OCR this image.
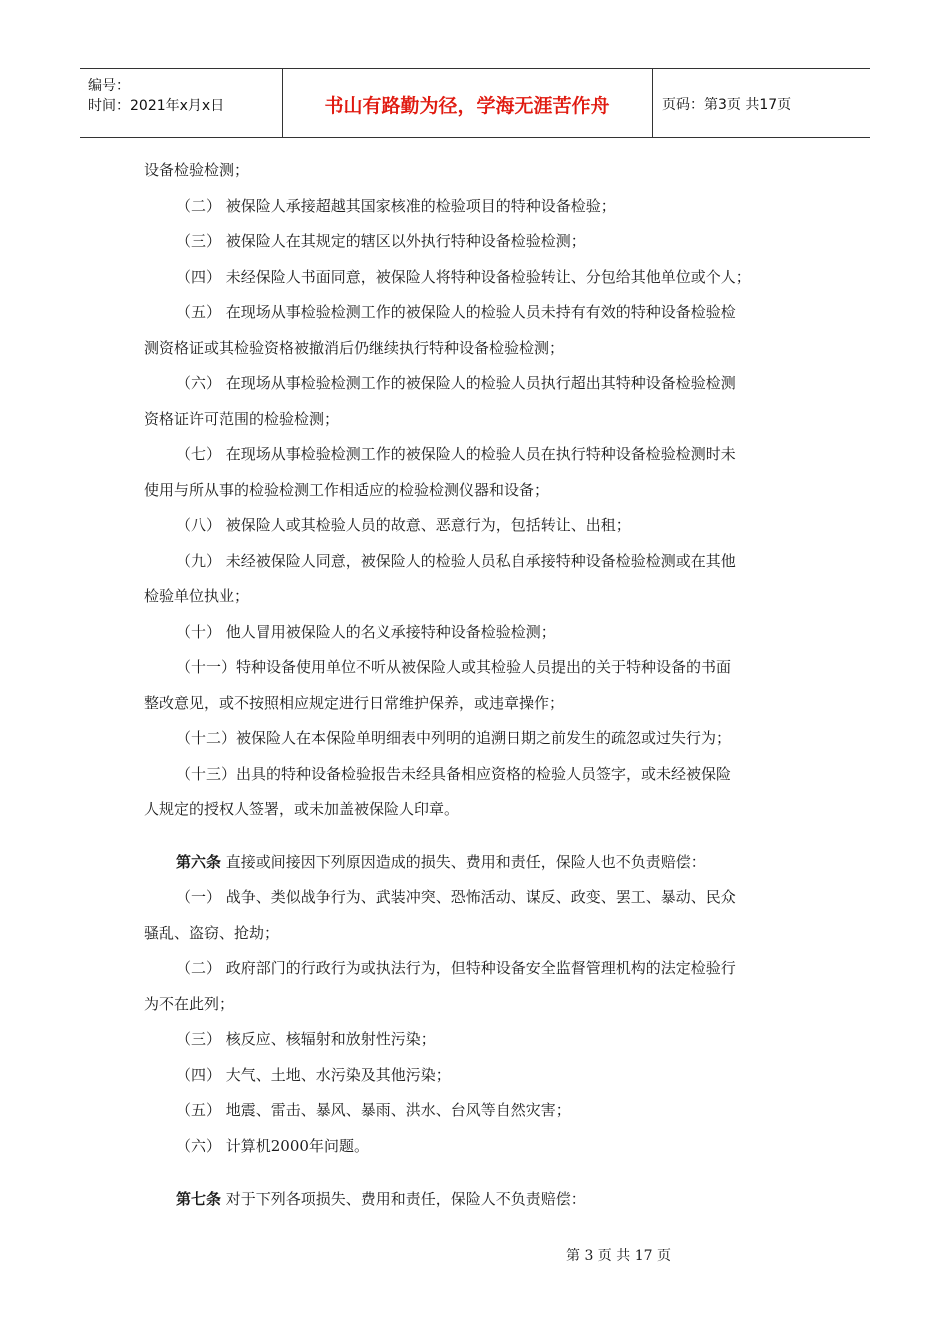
编号：
时间：2021年x月x日	书山有路勤为径，学海无涯苦作舟	页码：第3页 共17页
设备检验检测；
（二） 被保险人承接超越其国家核准的检验项目的特种设备检验；
（三） 被保险人在其规定的辖区以外执行特种设备检验检测；
（四） 未经保险人书面同意，被保险人将特种设备检验转让、分包给其他单位或个人；
（五） 在现场从事检验检测工作的被保险人的检验人员未持有有效的特种设备检验检
测资格证或其检验资格被撤消后仍继续执行特种设备检验检测；
（六） 在现场从事检验检测工作的被保险人的检验人员执行超出其特种设备检验检测
资格证许可范围的检验检测；
（七） 在现场从事检验检测工作的被保险人的检验人员在执行特种设备检验检测时未
使用与所从事的检验检测工作相适应的检验检测仪器和设备；
（八） 被保险人或其检验人员的故意、恶意行为，包括转让、出租；
（九） 未经被保险人同意，被保险人的检验人员私自承接特种设备检验检测或在其他
检验单位执业；
（十） 他人冒用被保险人的名义承接特种设备检验检测；
（十一）特种设备使用单位不听从被保险人或其检验人员提出的关于特种设备的书面
整改意见，或不按照相应规定进行日常维护保养，或违章操作；
（十二）被保险人在本保险单明细表中列明的追溯日期之前发生的疏忽或过失行为；
（十三）出具的特种设备检验报告未经具备相应资格的检验人员签字，或未经被保险
人规定的授权人签署，或未加盖被保险人印章。
第六条 直接或间接因下列原因造成的损失、费用和责任，保险人也不负责赔偿：
（一） 战争、类似战争行为、武装冲突、恐怖活动、谋反、政变、罢工、暴动、民众
骚乱、盗窃、抢劫；
（二） 政府部门的行政行为或执法行为，但特种设备安全监督管理机构的法定检验行
为不在此列；
（三） 核反应、核辐射和放射性污染；
（四） 大气、土地、水污染及其他污染；
（五） 地震、雷击、暴风、暴雨、洪水、台风等自然灾害；
（六） 计算机2000年问题。
第七条 对于下列各项损失、费用和责任，保险人不负责赔偿：
第 3 页 共 17 页
